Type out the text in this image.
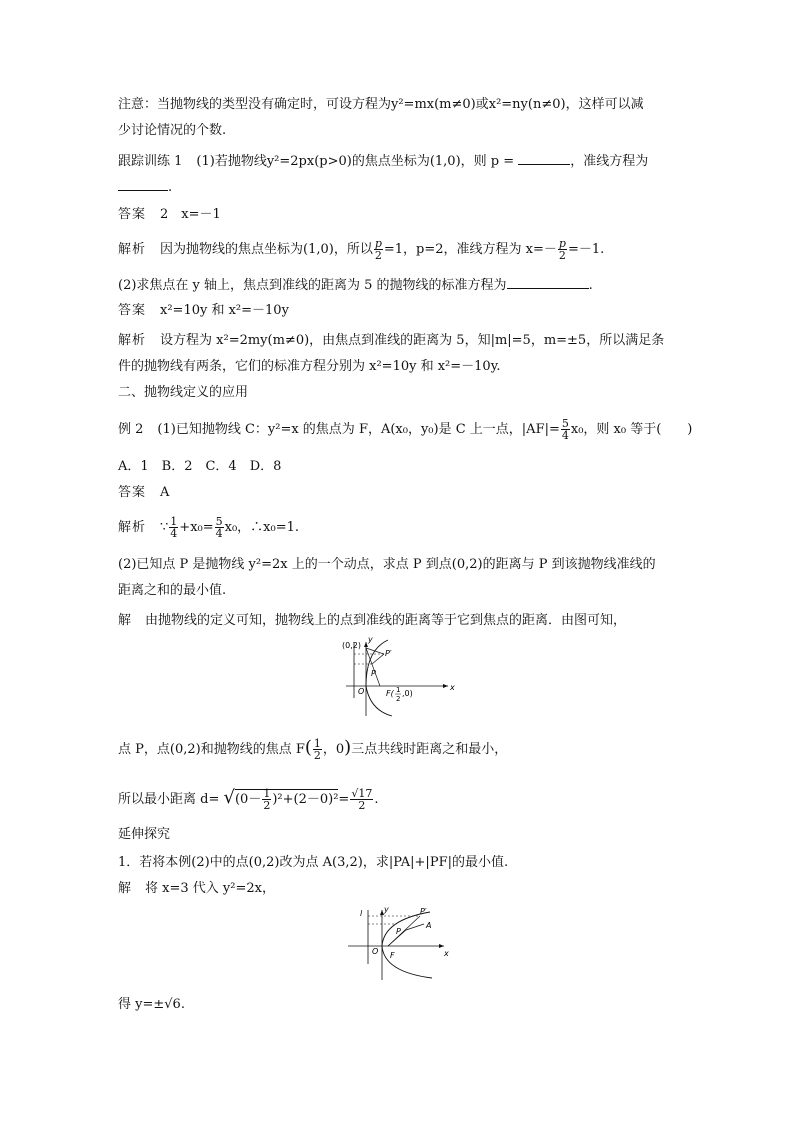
注意：当抛物线的类型没有确定时，可设方程为y²=mx(m≠0)或x²=ny(n≠0)，这样可以减
少讨论情况的个数.
跟踪训练 1 (1)若抛物线y²=2px(p>0)的焦点坐标为(1,0)，则 p =	，准线方程为
.
答案 2　x=－1
解析 因为抛物线的焦点坐标为(1,0)，所以 $\frac{p}{2} =1$，p=2，准线方程为 $x=- \frac{p}{2} =-1$.
(2)求焦点在 y 轴上，焦点到准线的距离为 5 的抛物线的标准方程为	.
答案 x²=10y 和 x²=－10y
解析 设方程为 x²=2my(m≠0)，由焦点到准线的距离为 5，知|m|=5，m=±5，所以满足条
件的抛物线有两条，它们的标准方程分别为 x²=10y 和 x²=－10y.
二、抛物线定义的应用
例 2 (1)已知抛物线 C：y²=x 的焦点为 F，A(x₀，y₀)是 C 上一点，$|AF|= \frac{5}{4} x_0$，则 x₀ 等于(　　)
A．1　B．2　C．4　D．8
答案 A
解析 ∵ $\frac{1}{4} +x_0= \frac{5}{4} x_0$，∴x₀=1.
(2)已知点 P 是抛物线 y²=2x 上的一个动点，求点 P 到点(0,2)的距离与 P 到该抛物线准线的
距离之和的最小值.
解 由抛物线的定义可知，抛物线上的点到准线的距离等于它到焦点的距离．由图可知，
(0,2)
y
x
O
P
P′
F( 1
2
,0)
点 P，点(0,2)和抛物线的焦点 $F( \frac{1}{2}$ ，0)三点共线时距离之和最小，
所以最小距离 $d= √(0- \frac{1}{2} )^2+(2-0)^2= \frac{√17}{2}$ .
延伸探究
1．若将本例(2)中的点(0,2)改为点 A(3,2)，求|PA|+|PF|的最小值.
解 将 x=3 代入 y²=2x，
l	y
x
O
P
P′
A
F
得 y=±√6.
